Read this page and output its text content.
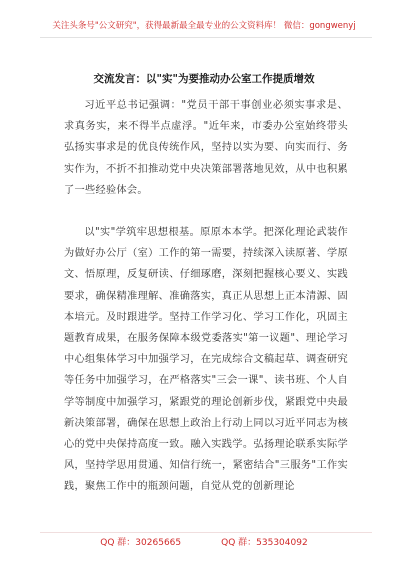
关注头条号"公文研究"，获得最新最全最专业的公文资料库！ 微信：gongwenyj
交流发言：以"实"为要推动办公室工作提质增效

习近平总书记强调："党员干部干事创业必须实事求是、求真务实，来不得半点虚浮。"近年来，市委办公室始终带头弘扬实事求是的优良传统作风，坚持以实为要、向实而行、务实作为，不折不扣推动党中央决策部署落地见效，从中也积累了一些经验体会。

以"实"学筑牢思想根基。原原本本学。把深化理论武装作为做好办公厅（室）工作的第一需要，持续深入读原著、学原文、悟原理，反复研读、仔细琢磨，深刻把握核心要义、实践要求，确保精准理解、准确落实，真正从思想上正本清源、固本培元。及时跟进学。坚持工作学习化、学习工作化，巩固主题教育成果，在服务保障本级党委落实"第一议题"、理论学习中心组集体学习中加强学习，在完成综合文稿起草、调查研究等任务中加强学习，在严格落实"三会一课"、读书班、个人自学等制度中加强学习，紧跟党的理论创新步伐，紧跟党中央最新决策部署，确保在思想上政治上行动上同以习近平同志为核心的党中央保持高度一致。融入实践学。弘扬理论联系实际学风，坚持学思用贯通、知信行统一，紧密结合"三服务"工作实践，聚焦工作中的瓶颈问题，自觉从党的创新理论

QQ 群：30265665	QQ 群：535304092
